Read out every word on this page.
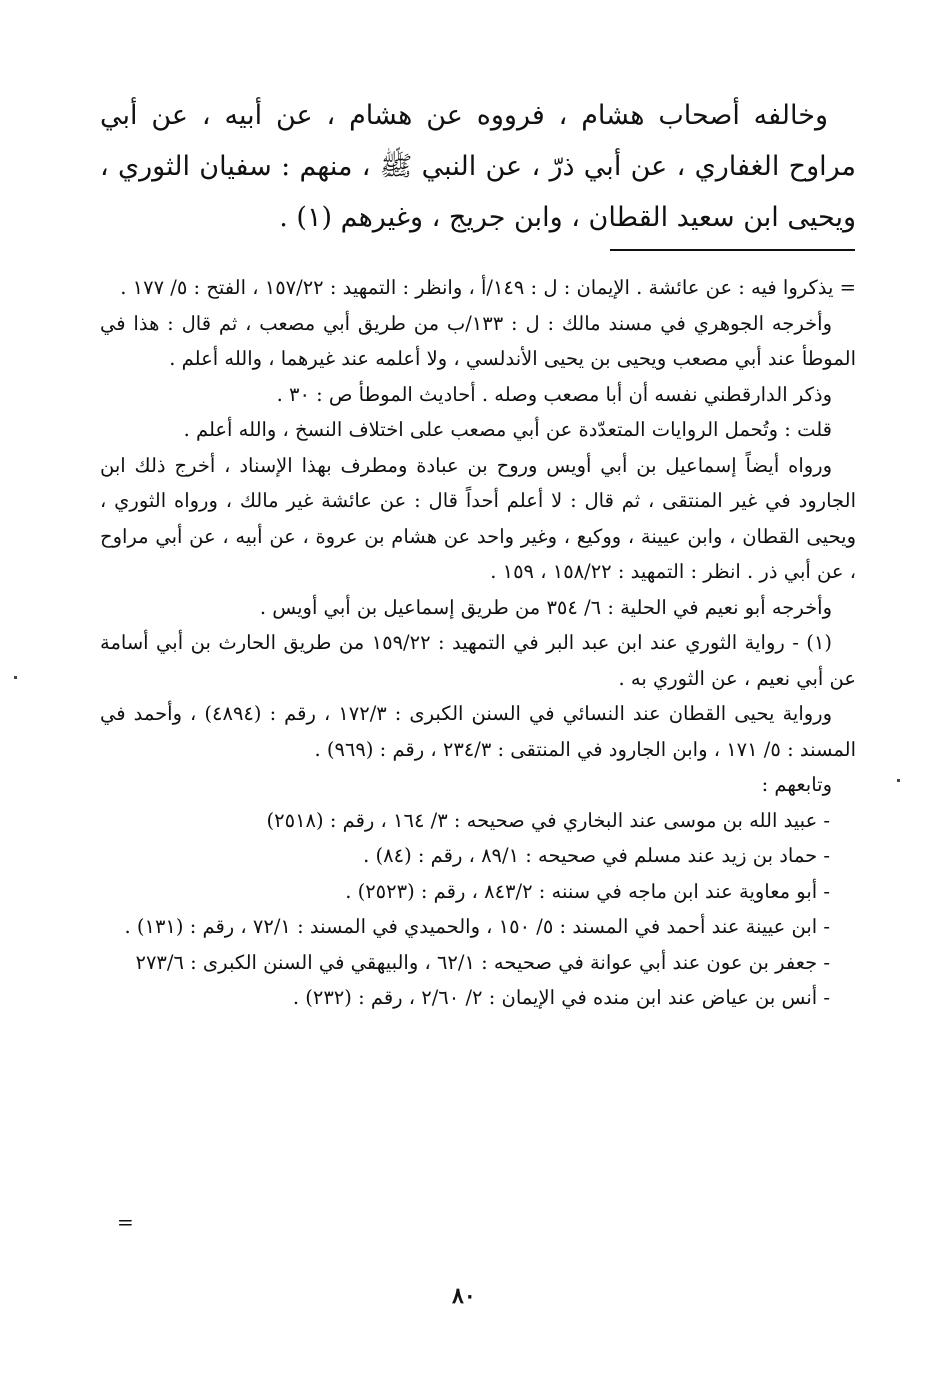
وخالفه أصحاب هشام ، فرووه عن هشام ، عن أبيه ، عن أبي مراوح الغفاري ، عن أبي ذرّ ، عن النبي ﷺ ، منهم : سفيان الثوري ، ويحيى ابن سعيد القطان ، وابن جريج ، وغيرهم (١) .

= يذكروا فيه : عن عائشة . الإيمان : ل : ١٤٩/أ ، وانظر : التمهيد : ١٥٧/٢٢ ، الفتح : ٥/ ١٧٧ .

وأخرجه الجوهري في مسند مالك : ل : ١٣٣/ب من طريق أبي مصعب ، ثم قال : هذا في الموطأ عند أبي مصعب ويحيى بن يحيى الأندلسي ، ولا أعلمه عند غيرهما ، والله أعلم .

وذكر الدارقطني نفسه أن أبا مصعب وصله . أحاديث الموطأ ص : ٣٠ .

قلت : وتُحمل الروايات المتعدّدة عن أبي مصعب على اختلاف النسخ ، والله أعلم .

ورواه أيضاً إسماعيل بن أبي أويس وروح بن عبادة ومطرف بهذا الإسناد ، أخرج ذلك ابن الجارود في غير المنتقى ، ثم قال : لا أعلم أحداً قال : عن عائشة غير مالك ، ورواه الثوري ، ويحيى القطان ، وابن عيينة ، ووكيع ، وغير واحد عن هشام بن عروة ، عن أبيه ، عن أبي مراوح ، عن أبي ذر . انظر : التمهيد : ١٥٨/٢٢ ، ١٥٩ .

وأخرجه أبو نعيم في الحلية : ٦/ ٣٥٤ من طريق إسماعيل بن أبي أويس .

(١) - رواية الثوري عند ابن عبد البر في التمهيد : ١٥٩/٢٢ من طريق الحارث بن أبي أسامة عن أبي نعيم ، عن الثوري به .

ورواية يحيى القطان عند النسائي في السنن الكبرى : ١٧٢/٣ ، رقم : (٤٨٩٤) ، وأحمد في المسند : ٥/ ١٧١ ، وابن الجارود في المنتقى : ٢٣٤/٣ ، رقم : (٩٦٩) .

وتابعهم :

- عبيد الله بن موسى عند البخاري في صحيحه : ٣/ ١٦٤ ، رقم : (٢٥١٨)

- حماد بن زيد عند مسلم في صحيحه : ٨٩/١ ، رقم : (٨٤) .

- أبو معاوية عند ابن ماجه في سننه : ٨٤٣/٢ ، رقم : (٢٥٢٣) .

- ابن عيينة عند أحمد في المسند : ٥/ ١٥٠ ، والحميدي في المسند : ٧٢/١ ، رقم : (١٣١) .

- جعفر بن عون عند أبي عوانة في صحيحه : ٦٢/١ ، والبيهقي في السنن الكبرى : ٢٧٣/٦

- أنس بن عياض عند ابن منده في الإيمان : ٢/ ٢/٦٠ ، رقم : (٢٣٢) .

=
٨٠
